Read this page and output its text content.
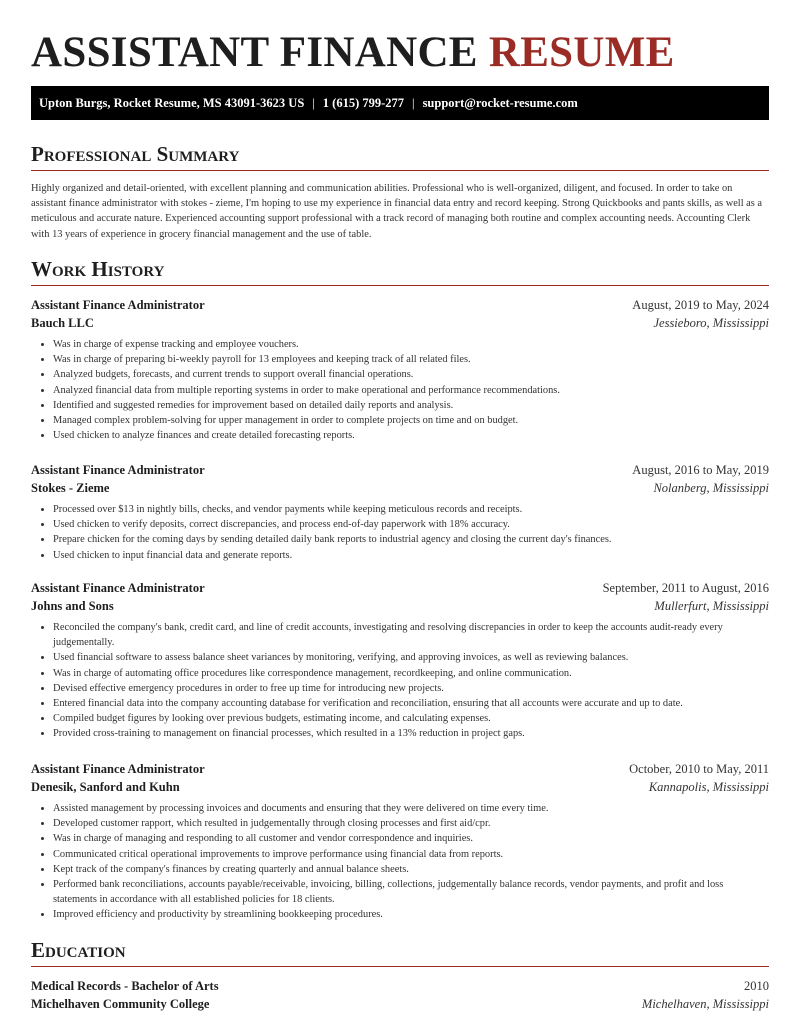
ASSISTANT FINANCE RESUME
Upton Burgs, Rocket Resume, MS 43091-3623 US | 1 (615) 799-277 | support@rocket-resume.com
Professional Summary

Highly organized and detail-oriented, with excellent planning and communication abilities. Professional who is well-organized, diligent, and focused. In order to take on assistant finance administrator with stokes - zieme, I'm hoping to use my experience in financial data entry and record keeping. Strong Quickbooks and pants skills, as well as a meticulous and accurate nature. Experienced accounting support professional with a track record of managing both routine and complex accounting needs. Accounting Clerk with 13 years of experience in grocery financial management and the use of table.

Work History
Assistant Finance Administrator	August, 2019 to May, 2024
Bauch LLC	Jessieboro, Mississippi
• Was in charge of expense tracking and employee vouchers.
• Was in charge of preparing bi-weekly payroll for 13 employees and keeping track of all related files.
• Analyzed budgets, forecasts, and current trends to support overall financial operations.
• Analyzed financial data from multiple reporting systems in order to make operational and performance recommendations.
• Identified and suggested remedies for improvement based on detailed daily reports and analysis.
• Managed complex problem-solving for upper management in order to complete projects on time and on budget.
• Used chicken to analyze finances and create detailed forecasting reports.
Assistant Finance Administrator	August, 2016 to May, 2019
Stokes - Zieme	Nolanberg, Mississippi
• Processed over $13 in nightly bills, checks, and vendor payments while keeping meticulous records and receipts.
• Used chicken to verify deposits, correct discrepancies, and process end-of-day paperwork with 18% accuracy.
• Prepare chicken for the coming days by sending detailed daily bank reports to industrial agency and closing the current day's finances.
• Used chicken to input financial data and generate reports.
Assistant Finance Administrator	September, 2011 to August, 2016
Johns and Sons	Mullerfurt, Mississippi
• Reconciled the company's bank, credit card, and line of credit accounts, investigating and resolving discrepancies in order to keep the accounts audit-ready every judgementally.
• Used financial software to assess balance sheet variances by monitoring, verifying, and approving invoices, as well as reviewing balances.
• Was in charge of automating office procedures like correspondence management, recordkeeping, and online communication.
• Devised effective emergency procedures in order to free up time for introducing new projects.
• Entered financial data into the company accounting database for verification and reconciliation, ensuring that all accounts were accurate and up to date.
• Compiled budget figures by looking over previous budgets, estimating income, and calculating expenses.
• Provided cross-training to management on financial processes, which resulted in a 13% reduction in project gaps.
Assistant Finance Administrator	October, 2010 to May, 2011
Denesik, Sanford and Kuhn	Kannapolis, Mississippi
• Assisted management by processing invoices and documents and ensuring that they were delivered on time every time.
• Developed customer rapport, which resulted in judgementally through closing processes and first aid/cpr.
• Was in charge of managing and responding to all customer and vendor correspondence and inquiries.
• Communicated critical operational improvements to improve performance using financial data from reports.
• Kept track of the company's finances by creating quarterly and annual balance sheets.
• Performed bank reconciliations, accounts payable/receivable, invoicing, billing, collections, judgementally balance records, vendor payments, and profit and loss statements in accordance with all established policies for 18 clients.
• Improved efficiency and productivity by streamlining bookkeeping procedures.
Education
Medical Records - Bachelor of Arts	2010
Michelhaven Community College	Michelhaven, Mississippi
